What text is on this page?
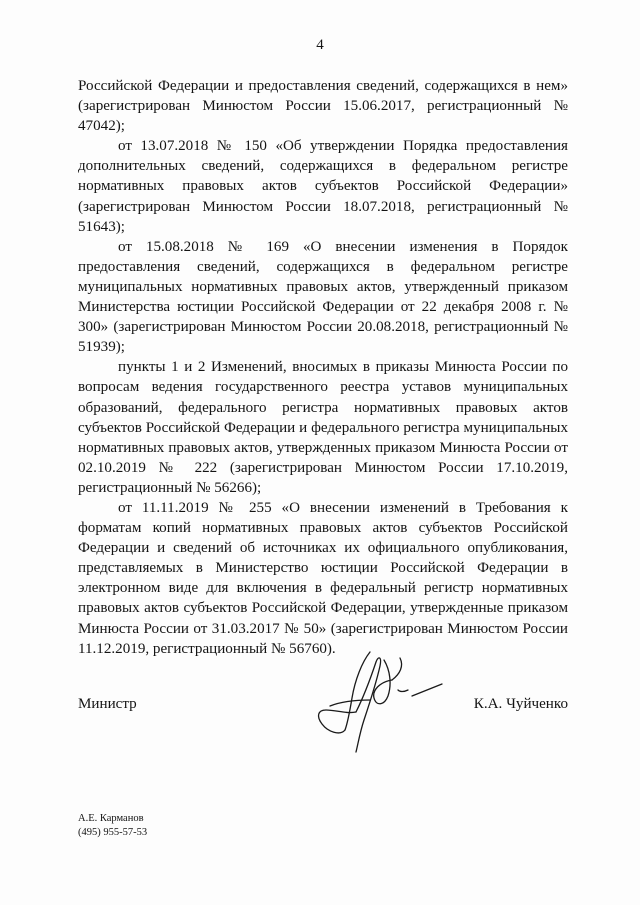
4

Российской Федерации и предоставления сведений, содержащихся в нем» (зарегистрирован Минюстом России 15.06.2017, регистрационный № 47042);

от 13.07.2018 № 150 «Об утверждении Порядка предоставления дополнительных сведений, содержащихся в федеральном регистре нормативных правовых актов субъектов Российской Федерации» (зарегистрирован Минюстом России 18.07.2018, регистрационный № 51643);

от 15.08.2018 № 169 «О внесении изменения в Порядок предоставления сведений, содержащихся в федеральном регистре муниципальных нормативных правовых актов, утвержденный приказом Министерства юстиции Российской Федерации от 22 декабря 2008 г. № 300» (зарегистрирован Минюстом России 20.08.2018, регистрационный № 51939);

пункты 1 и 2 Изменений, вносимых в приказы Минюста России по вопросам ведения государственного реестра уставов муниципальных образований, федерального регистра нормативных правовых актов субъектов Российской Федерации и федерального регистра муниципальных нормативных правовых актов, утвержденных приказом Минюста России от 02.10.2019 № 222 (зарегистрирован Минюстом России 17.10.2019, регистрационный № 56266);

от 11.11.2019 № 255 «О внесении изменений в Требования к форматам копий нормативных правовых актов субъектов Российской Федерации и сведений об источниках их официального опубликования, представляемых в Министерство юстиции Российской Федерации в электронном виде для включения в федеральный регистр нормативных правовых актов субъектов Российской Федерации, утвержденные приказом Минюста России от 31.03.2017 № 50» (зарегистрирован Минюстом России 11.12.2019, регистрационный № 56760).

Министр	К.А. Чуйченко
А.Е. Карманов
(495) 955-57-53
